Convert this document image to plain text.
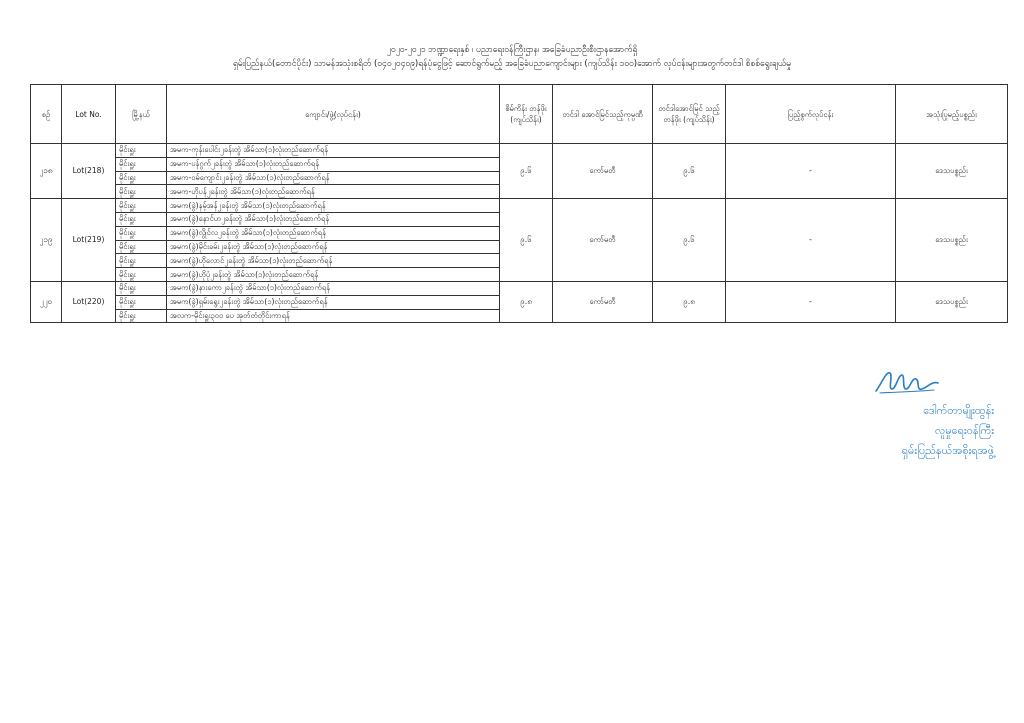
၂၀၂၀-၂၀၂၁ ဘဏ္ဍာရေးနှစ် ၊ ပညာရေးဝန်ကြီးဌာန၊ အခြေခံပညာဦးစီးဌာနအောက်ရှိ
ရှမ်းပြည်နယ်(တောင်ပိုင်း) သာမန်အသုံးစရိတ် (၀၄၀၂၀၄၀၉)ရန်ပုံငွေဖြင့် ဆောင်ရွက်မည့် အခြေခံပညာကျောင်းများ (ကျပ်သိန်း ၁၀၀)အောက် လုပ်ငန်းများအတွက်တင်ဒါ စိစစ်ရွေးချယ်မှု
စဉ်	Lot No.	မြို့နယ်	ကျောင်း/ဖွဲ့(လုပ်ငန်း)	စိမ်ကိန်း တန်ဖိုး (ကျပ်သိန်း)	တင်ဒါ အောင်မြင်သည့်ကုမ္ပဏီ	တင်ဒါအောင်မြင် သည့်တန်ဖိုး (ကျပ်သိန်း)	ပြည့်စွက်လုပ်ငန်း	အသုံးပြုမည့်ပစ္စည်း
၂၁၈	Lot(218)	မိုင်းရှူး	အမက-ကုန်းပေါင်း၂ခန်းတွဲ အိမ်သာ(၁)လုံးတည်ဆောက်ရန်	၉.၆	ကော်မတီ	၉.၆	-	ဒေသပစ္စည်း
		မိုင်းရှူး	အမက-ပန်ဂွက်၂ခန်းတွဲ အိမ်သာ(၁)လုံးတည်ဆောက်ရန်					
		မိုင်းရှူး	အမက-ဝမ်ကျောင်း၂ခန်းတွဲ အိမ်သာ(၁)လုံးတည်ဆောက်ရန်					
		မိုင်းရှူး	အမက-ဟိုပန်၂ခန်းတွဲ အိမ်သာ(၁)လုံးတည်ဆောက်ရန်					
၂၁၉	Lot(219)	မိုင်းရှူး	အမက(ခွဲ)နမ့်အန်၂ခန်းတွဲ အိမ်သာ(၁)လုံးတည်ဆောက်ရန်	၉.၆	ကော်မတီ	၉.၆	-	ဒေသပစ္စည်း
		မိုင်းရှူး	အမက(ခွဲ)နောင်ဟ၂ခန်းတွဲ အိမ်သာ(၁)လုံးတည်ဆောက်ရန်					
		မိုင်းရှူး	အမက(ခွဲ)လွိုင်လ၂ခန်းတွဲ အိမ်သာ(၁)လုံးတည်ဆောက်ရန်					
		မိုင်းရှူး	အမက(ခွဲ)မိုင်းခမ်း၂ခန်းတွဲ အိမ်သာ(၁)လုံးတည်ဆောက်ရန်					
		မိုင်းရှူး	အမက(ခွဲ)ဟိုလောင်၂ခန်းတွဲ အိမ်သာ(၁)လုံးတည်ဆောက်ရန်					
		မိုင်းရှူး	အမက(ခွဲ)ဟိုပုံ၂ခန်းတွဲ အိမ်သာ(၁)လုံးတည်ဆောက်ရန်					
၂၂၀	Lot(220)	မိုင်းရှူး	အမက(ခွဲ)နားကော၂ခန်းတွဲ အိမ်သာ(၁)လုံးတည်ဆောက်ရန်	၉.၈	ကော်မတီ	၉.၈	-	ဒေသပစ္စည်း
		မိုင်းရှူး	အမက(ခွဲ)ရှမ်းရွေး၂ခန်းတွဲ အိမ်သာ(၁)လုံးတည်ဆောက်ရန်					
		မိုင်းရှူး	အလက-မိုင်းရှူး၃၀၀ ပေ အုတ်တံတိုင်းကာရန်					
ဒေါက်တာမျိုးထွန်း
လူမှုရေးဝန်ကြီး
ရှမ်းပြည်နယ်အစိုးရအဖွဲ့
